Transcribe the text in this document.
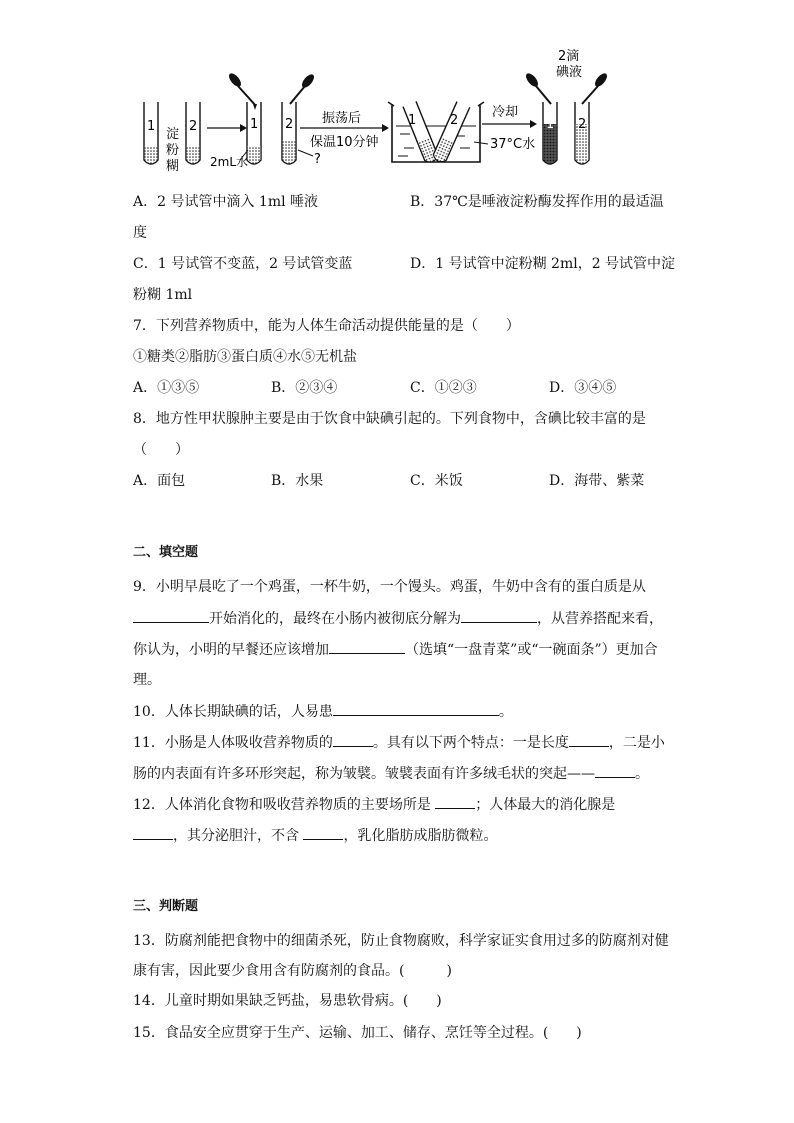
1	2
淀
粉
糊
1
2mL水
2
?
振荡后
保温10分钟
1	2
冷却
37°C水
2滴
碘液
1 2
A．2 号试管中滴入 1ml 唾液	B．37℃是唾液淀粉酶发挥作用的最适温
度
C．1 号试管不变蓝，2 号试管变蓝	D．1 号试管中淀粉糊 2ml，2 号试管中淀
粉糊 1ml
7．下列营养物质中，能为人体生命活动提供能量的是（　　）
①糖类②脂肪③蛋白质④水⑤无机盐
A．①③⑤	B．②③④	C．①②③	D．③④⑤
8．地方性甲状腺肿主要是由于饮食中缺碘引起的。下列食物中，含碘比较丰富的是
（　　）
A．面包	B．水果	C．米饭	D．海带、紫菜
二、填空题
9．小明早晨吃了一个鸡蛋，一杯牛奶，一个馒头。鸡蛋，牛奶中含有的蛋白质是从
开始消化的，最终在小肠内被彻底分解为	，从营养搭配来看，
你认为，小明的早餐还应该增加	（选填“一盘青菜”或“一碗面条”）更加合
理。
10．人体长期缺碘的话，人易患	。
11．小肠是人体吸收营养物质的	。具有以下两个特点：一是长度	，二是小
肠的内表面有许多环形突起，称为皱襞。皱襞表面有许多绒毛状的突起——	。
12．人体消化食物和吸收营养物质的主要场所是	；人体最大的消化腺是
，其分泌胆汁，不含	，乳化脂肪成脂肪微粒。
三、判断题
13．防腐剂能把食物中的细菌杀死，防止食物腐败，科学家证实食用过多的防腐剂对健
康有害，因此要少食用含有防腐剂的食品。(　　　)
14．儿童时期如果缺乏钙盐，易患软骨病。(　　)
15．食品安全应贯穿于生产、运输、加工、储存、烹饪等全过程。(　　)
